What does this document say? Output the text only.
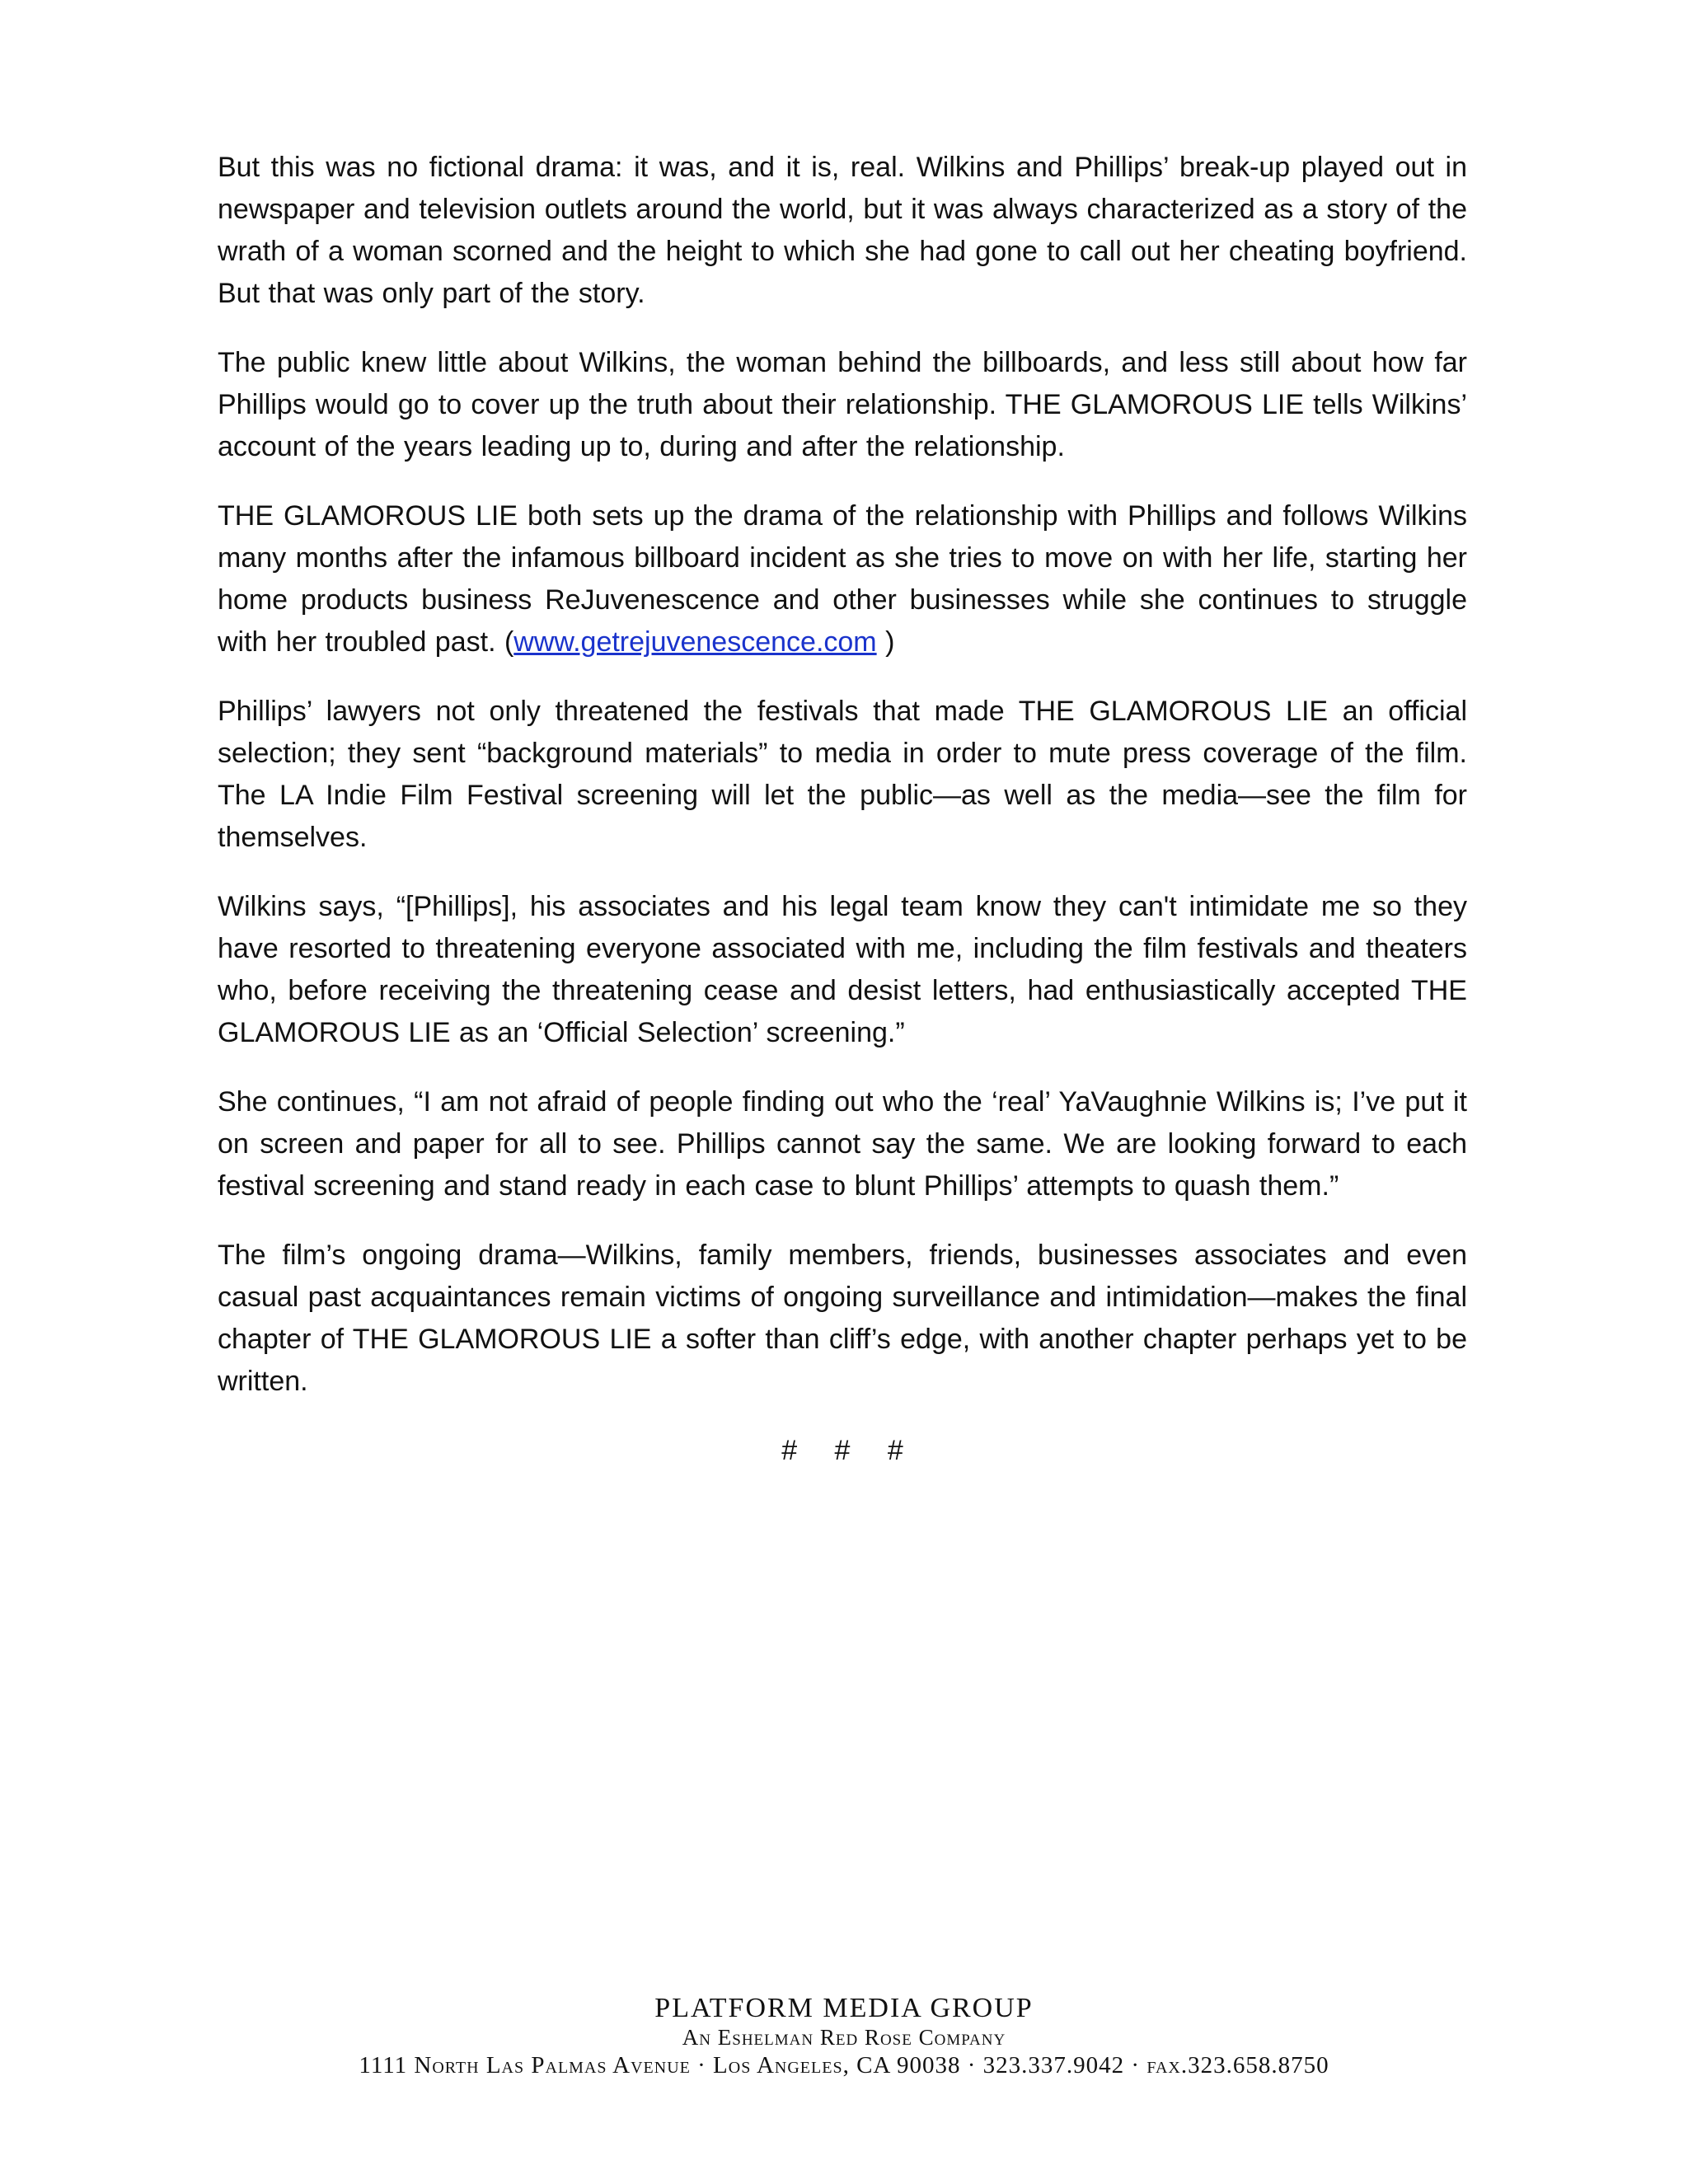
But this was no fictional drama: it was, and it is, real. Wilkins and Phillips’ break-up played out in newspaper and television outlets around the world, but it was always characterized as a story of the wrath of a woman scorned and the height to which she had gone to call out her cheating boyfriend. But that was only part of the story.

The public knew little about Wilkins, the woman behind the billboards, and less still about how far Phillips would go to cover up the truth about their relationship. THE GLAMOROUS LIE tells Wilkins’ account of the years leading up to, during and after the relationship.

THE GLAMOROUS LIE both sets up the drama of the relationship with Phillips and follows Wilkins many months after the infamous billboard incident as she tries to move on with her life, starting her home products business ReJuvenescence and other businesses while she continues to struggle with her troubled past. (www.getrejuvenescence.com )

Phillips’ lawyers not only threatened the festivals that made THE GLAMOROUS LIE an official selection; they sent “background materials” to media in order to mute press coverage of the film. The LA Indie Film Festival screening will let the public—as well as the media—see the film for themselves.

Wilkins says, “[Phillips], his associates and his legal team know they can't intimidate me so they have resorted to threatening everyone associated with me, including the film festivals and theaters who, before receiving the threatening cease and desist letters, had enthusiastically accepted THE GLAMOROUS LIE as an ‘Official Selection’ screening.”

She continues, “I am not afraid of people finding out who the ‘real’ YaVaughnie Wilkins is; I’ve put it on screen and paper for all to see. Phillips cannot say the same. We are looking forward to each festival screening and stand ready in each case to blunt Phillips’ attempts to quash them.”

The film’s ongoing drama—Wilkins, family members, friends, businesses associates and even casual past acquaintances remain victims of ongoing surveillance and intimidation—makes the final chapter of THE GLAMOROUS LIE a softer than cliff’s edge, with another chapter perhaps yet to be written.

# # #
PLATFORM MEDIA GROUP
An Eshelman Red Rose Company
1111 North Las Palmas Avenue · Los Angeles, CA 90038 · 323.337.9042 · fax.323.658.8750
